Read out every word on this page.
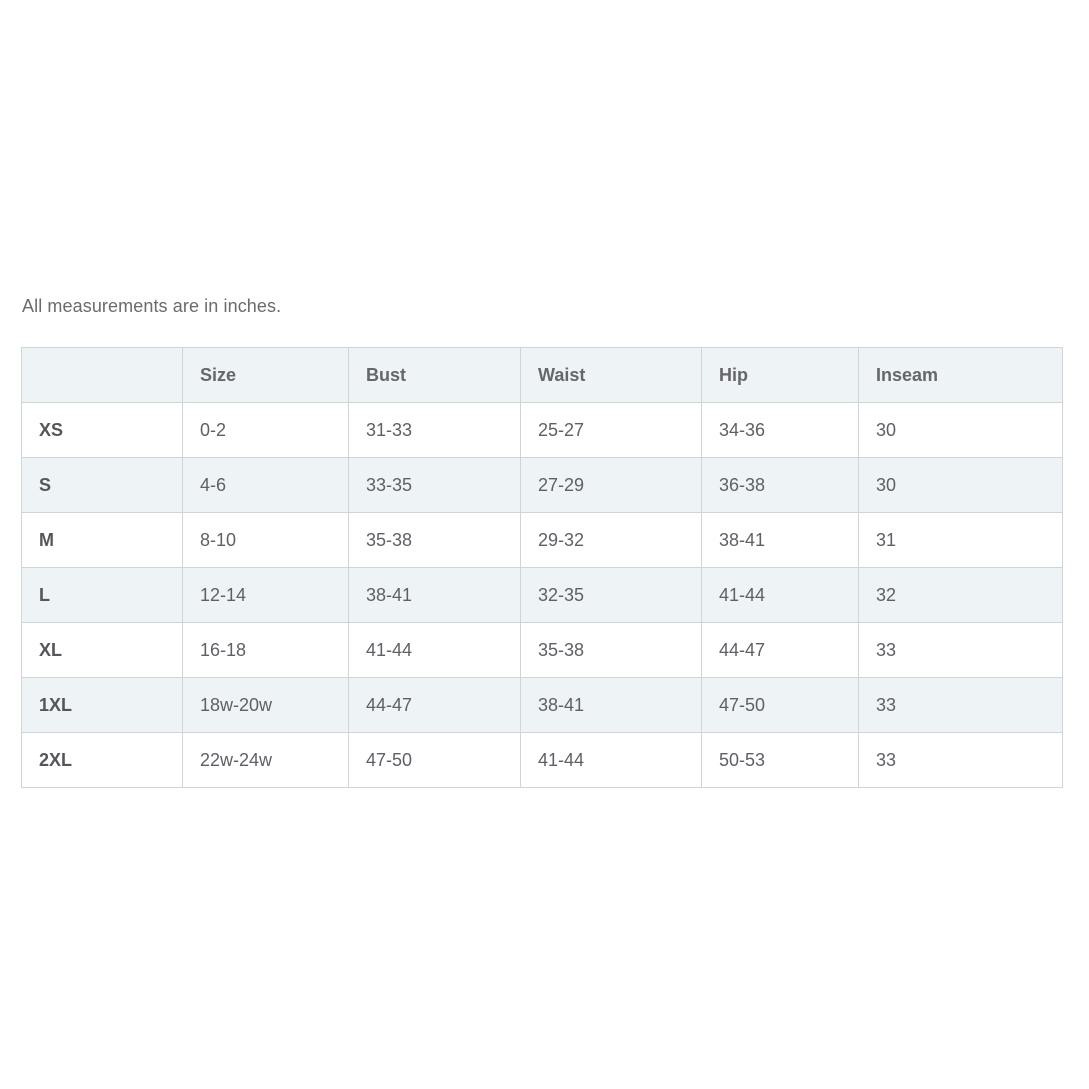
All measurements are in inches.
	Size	Bust	Waist	Hip	Inseam
XS	0-2	31-33	25-27	34-36	30
S	4-6	33-35	27-29	36-38	30
M	8-10	35-38	29-32	38-41	31
L	12-14	38-41	32-35	41-44	32
XL	16-18	41-44	35-38	44-47	33
1XL	18w-20w	44-47	38-41	47-50	33
2XL	22w-24w	47-50	41-44	50-53	33
